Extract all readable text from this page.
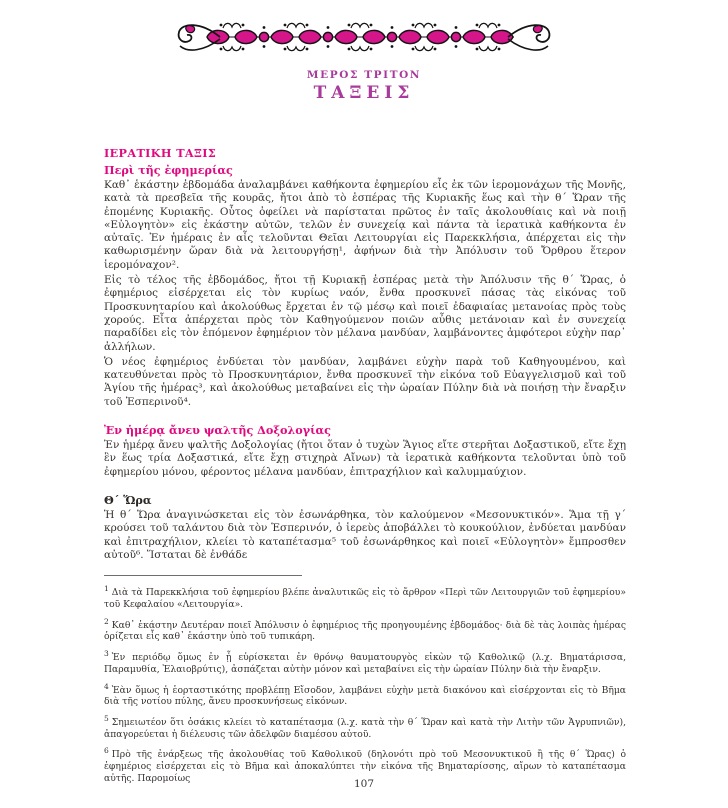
ΜΕΡΟΣ ΤΡΙΤΟΝ
ΤΑΞΕΙΣ
ΙΕΡΑΤΙΚΗ ΤΑΞΙΣ
Περὶ τῆς ἐφημερίας

Καθ᾿ ἑκάστην ἑβδομάδα ἀναλαμβάνει καθήκοντα ἐφημερίου εἷς ἐκ τῶν ἱερομονάχων τῆς Μονῆς, κατὰ τὰ πρεσβεῖα τῆς κουρᾶς, ἤτοι ἀπὸ τὸ ἑσπέρας τῆς Κυριακῆς ἕως καὶ τὴν θ´ Ὥραν τῆς ἐπομένης Κυριακῆς. Οὗτος ὀφείλει νὰ παρίσταται πρῶτος ἐν ταῖς ἀκολουθίαις καὶ νὰ ποιῇ «Εὐλογητὸν» εἰς ἑκάστην αὐτῶν, τελῶν ἐν συνεχείᾳ καὶ πάντα τὰ ἱερατικὰ καθήκοντα ἐν αὐταῖς. Ἐν ἡμέραις ἐν αἷς τελοῦνται Θεῖαι Λειτουργίαι εἰς Παρεκκλήσια, ἀπέρχεται εἰς τὴν καθωρισμένην ὥραν διὰ νὰ λειτουργήσῃ¹, ἀφήνων διὰ τὴν Ἀπόλυσιν τοῦ Ὄρθρου ἕτερον ἱερομόναχον².

Εἰς τὸ τέλος τῆς ἑβδομάδος, ἤτοι τῇ Κυριακῇ ἑσπέρας μετὰ τὴν Ἀπόλυσιν τῆς θ´ Ὥρας, ὁ ἐφημέριος εἰσέρχεται εἰς τὸν κυρίως ναόν, ἔνθα προσκυνεῖ πάσας τὰς εἰκόνας τοῦ Προσκυνηταρίου καὶ ἀκολούθως ἔρχεται ἐν τῷ μέσῳ καὶ ποιεῖ ἐδαφιαίας μετανοίας πρὸς τοὺς χορούς. Εἶτα ἀπέρχεται πρὸς τὸν Καθηγούμενον ποιῶν αὖθις μετάνοιαν καὶ ἐν συνεχείᾳ παραδίδει εἰς τὸν ἑπόμενον ἐφημέριον τὸν μέλανα μανδύαν, λαμβάνοντες ἀμφότεροι εὐχὴν παρ᾿ ἀλλήλων.

Ὁ νέος ἐφημέριος ἐνδύεται τὸν μανδύαν, λαμβάνει εὐχὴν παρὰ τοῦ Καθηγουμένου, καὶ κατευθύνεται πρὸς τὸ Προσκυνητάριον, ἔνθα προσκυνεῖ τὴν εἰκόνα τοῦ Εὐαγγελισμοῦ καὶ τοῦ Ἁγίου τῆς ἡμέρας³, καὶ ἀκολούθως μεταβαίνει εἰς τὴν ὡραίαν Πύλην διὰ νὰ ποιήσῃ τὴν ἔναρξιν τοῦ Ἑσπερινοῦ⁴.

Ἐν ἡμέρᾳ ἄνευ ψαλτῆς Δοξολογίας

Ἐν ἡμέρᾳ ἄνευ ψαλτῆς Δοξολογίας (ἤτοι ὅταν ὁ τυχὼν Ἅγιος εἴτε στερῆται Δοξαστικοῦ, εἴτε ἔχῃ ἓν ἕως τρία Δοξαστικά, εἴτε ἔχῃ στιχηρὰ Αἴνων) τὰ ἱερατικὰ καθήκοντα τελοῦνται ὑπὸ τοῦ ἐφημερίου μόνου, φέροντος μέλανα μανδύαν, ἐπιτραχήλιον καὶ καλυμμαύχιον.

Θ´ Ὥρα

Ἡ θ´ Ὥρα ἀναγινώσκεται εἰς τὸν ἐσωνάρθηκα, τὸν καλούμενον «Μεσονυκτικόν». Ἅμα τῇ γ´ κρούσει τοῦ ταλάντου διὰ τὸν Ἑσπερινόν, ὁ ἱερεὺς ἀποβάλλει τὸ κουκούλιον, ἐνδύεται μανδύαν καὶ ἐπιτραχήλιον, κλείει τὸ καταπέτασμα⁵ τοῦ ἐσωνάρθηκος καὶ ποιεῖ «Εὐλογητὸν» ἔμπροσθεν αὐτοῦ⁶. Ἵσταται δὲ ἐνθάδε

$^1$ Διὰ τὰ Παρεκκλήσια τοῦ ἐφημερίου βλέπε ἀναλυτικῶς εἰς τὸ ἄρθρον «Περὶ τῶν Λειτουργιῶν τοῦ ἐφημερίου» τοῦ Κεφαλαίου «Λειτουργία».

$^2$ Καθ᾿ ἑκάστην Δευτέραν ποιεῖ Ἀπόλυσιν ὁ ἐφημέριος τῆς προηγουμένης ἑβδομάδος· διὰ δὲ τὰς λοιπὰς ἡμέρας ὁρίζεται εἷς καθ᾿ ἑκάστην ὑπὸ τοῦ τυπικάρη.

$^3$ Ἐν περιόδῳ ὅμως ἐν ᾗ εὑρίσκεται ἐν θρόνῳ θαυματουργὸς εἰκὼν τῷ Καθολικῷ (λ.χ. Βηματάρισσα, Παραμυθία, Ἐλαιοβρύτις), ἀσπάζεται αὐτὴν μόνον καὶ μεταβαίνει εἰς τὴν ὡραίαν Πύλην διὰ τὴν ἔναρξιν.

$^4$ Ἐὰν ὅμως ἡ ἑορταστικότης προβλέπῃ Εἴσοδον, λαμβάνει εὐχὴν μετὰ διακόνου καὶ εἰσέρχονται εἰς τὸ Βῆμα διὰ τῆς νοτίου πύλης, ἄνευ προσκυνήσεως εἰκόνων.

$^5$ Σημειωτέον ὅτι ὁσάκις κλείει τὸ καταπέτασμα (λ.χ. κατὰ τὴν θ´ Ὥραν καὶ κατὰ τὴν Λιτὴν τῶν Ἀγρυπνιῶν), ἀπαγορεύεται ἡ διέλευσις τῶν ἀδελφῶν διαμέσου αὐτοῦ.

$^6$ Πρὸ τῆς ἐνάρξεως τῆς ἀκολουθίας τοῦ Καθολικοῦ (δηλονότι πρὸ τοῦ Μεσονυκτικοῦ ἢ τῆς θ´ Ὥρας) ὁ ἐφημέριος εἰσέρχεται εἰς τὸ Βῆμα καὶ ἀποκαλύπτει τὴν εἰκόνα τῆς Βηματαρίσσης, αἴρων τὸ καταπέτασμα αὐτῆς. Παρομοίως	107
